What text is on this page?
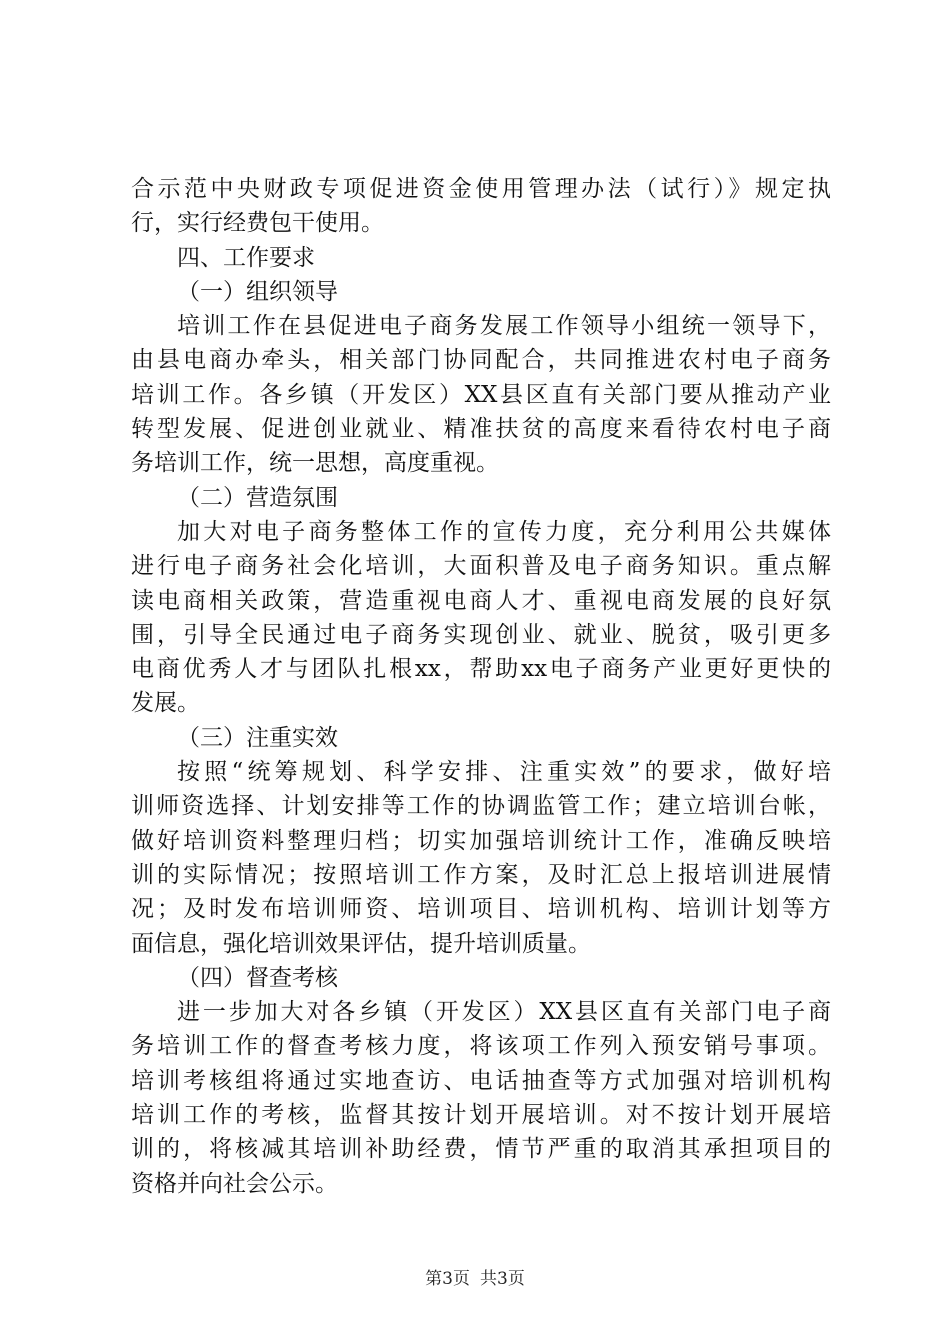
合示范中央财政专项促进资金使用管理办法（试行）》规定执
行，实行经费包干使用。
四、工作要求
（一）组织领导
培训工作在县促进电子商务发展工作领导小组统一领导下，
由县电商办牵头，相关部门协同配合，共同推进农村电子商务
培训工作。各乡镇（开发区）XX县区直有关部门要从推动产业
转型发展、促进创业就业、精准扶贫的高度来看待农村电子商
务培训工作，统一思想，高度重视。
（二）营造氛围
加大对电子商务整体工作的宣传力度，充分利用公共媒体
进行电子商务社会化培训，大面积普及电子商务知识。重点解
读电商相关政策，营造重视电商人才、重视电商发展的良好氛
围，引导全民通过电子商务实现创业、就业、脱贫，吸引更多
电商优秀人才与团队扎根xx，帮助xx电子商务产业更好更快的
发展。
（三）注重实效
按照“统筹规划、科学安排、注重实效”的要求，做好培
训师资选择、计划安排等工作的协调监管工作；建立培训台帐，
做好培训资料整理归档；切实加强培训统计工作，准确反映培
训的实际情况；按照培训工作方案，及时汇总上报培训进展情
况；及时发布培训师资、培训项目、培训机构、培训计划等方
面信息，强化培训效果评估，提升培训质量。
（四）督查考核
进一步加大对各乡镇（开发区）XX县区直有关部门电子商
务培训工作的督查考核力度，将该项工作列入预安销号事项。
培训考核组将通过实地查访、电话抽查等方式加强对培训机构
培训工作的考核，监督其按计划开展培训。对不按计划开展培
训的，将核减其培训补助经费，情节严重的取消其承担项目的
资格并向社会公示。
第3页 共3页
